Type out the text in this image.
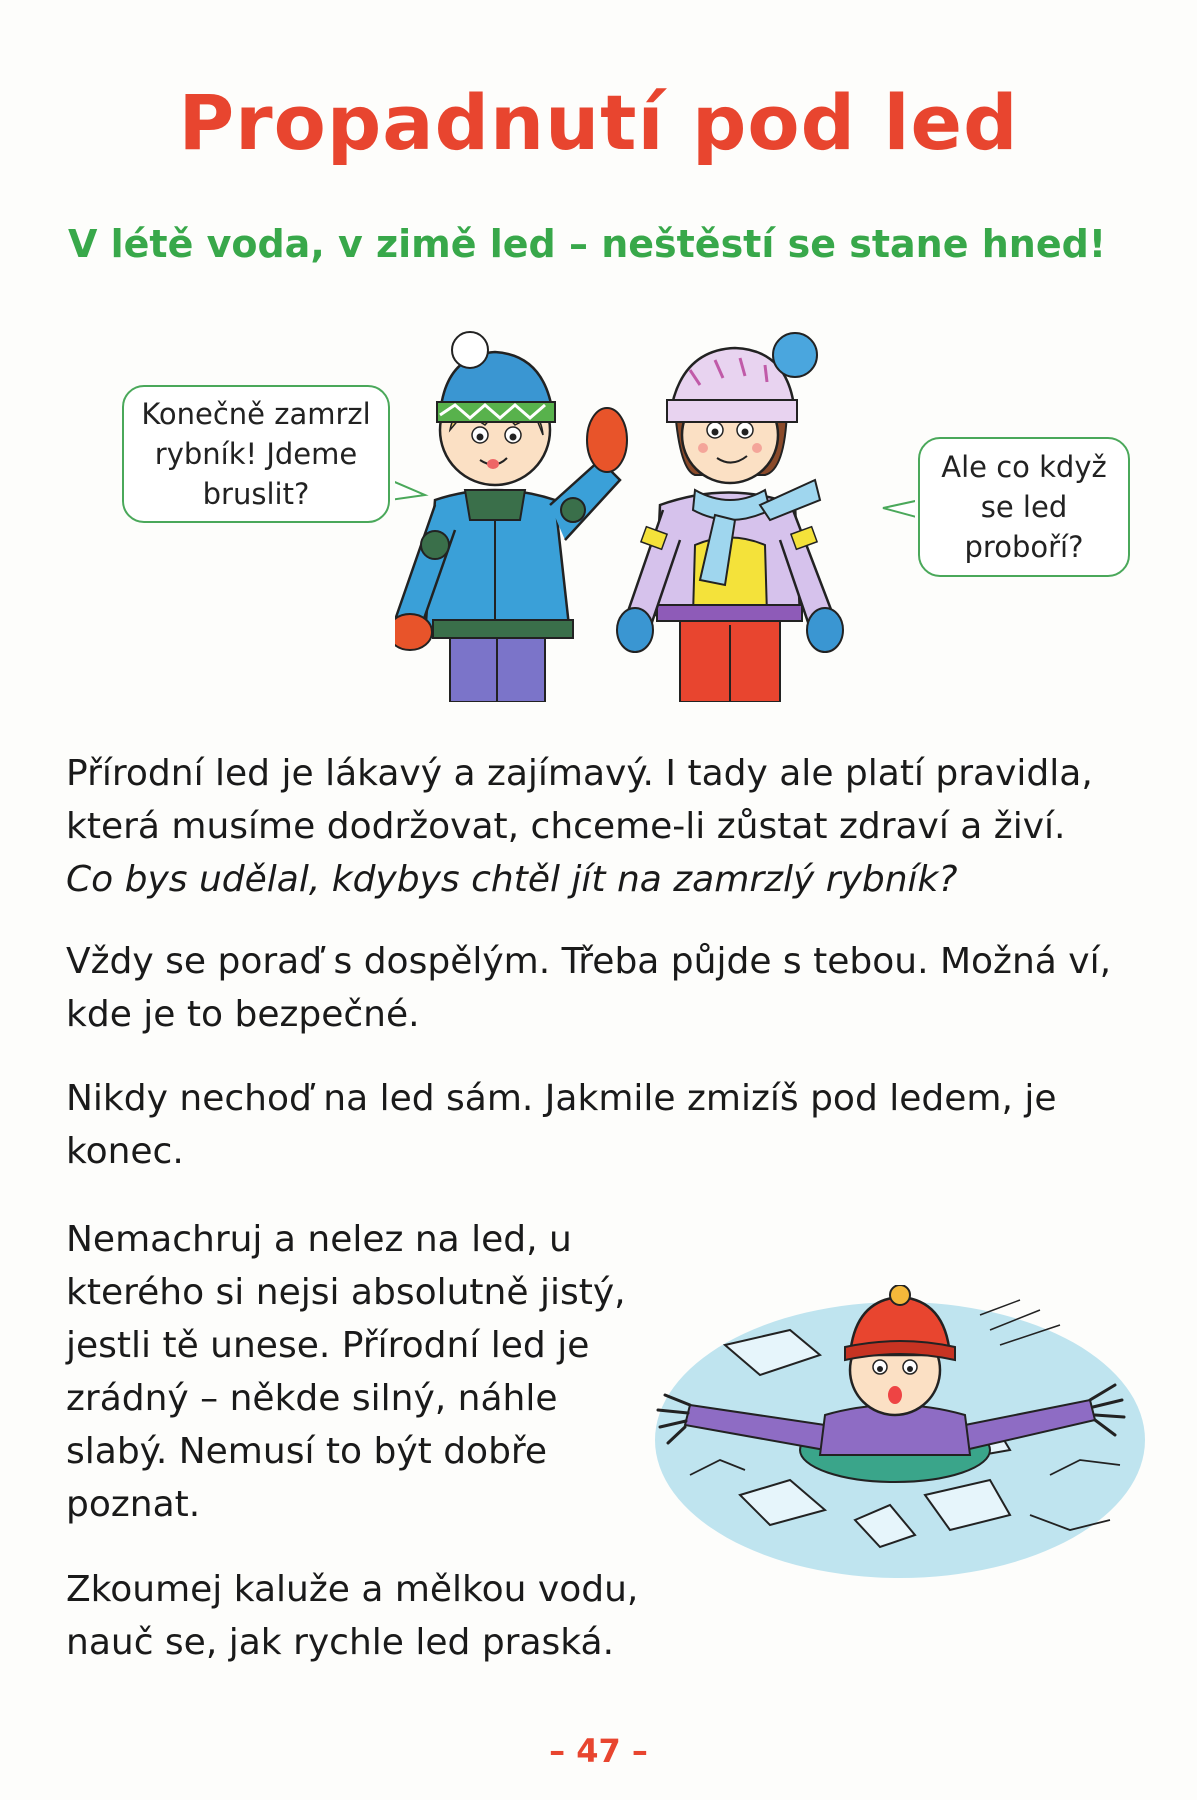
Propadnutí pod led
V létě voda, v zimě led – neštěstí se stane hned!
Konečně zamrzl rybník! Jdeme bruslit?
Ale co když se led proboří?

Přírodní led je lákavý a zajímavý. I tady ale platí pravidla, která musíme dodržovat, chceme-li zůstat zdraví a živí.
Co bys udělal, kdybys chtěl jít na zamrzlý rybník?

Vždy se poraď s dospělým. Třeba půjde s tebou. Možná ví, kde je to bezpečné.

Nikdy nechoď na led sám. Jakmile zmizíš pod ledem, je konec.

Nemachruj a nelez na led, u kterého si nejsi absolutně jistý, jestli tě unese. Přírodní led je zrádný – někde silný, náhle slabý. Nemusí to být dobře poznat.

Zkoumej kaluže a mělkou vodu, nauč se, jak rychle led praská.

– 47 –
